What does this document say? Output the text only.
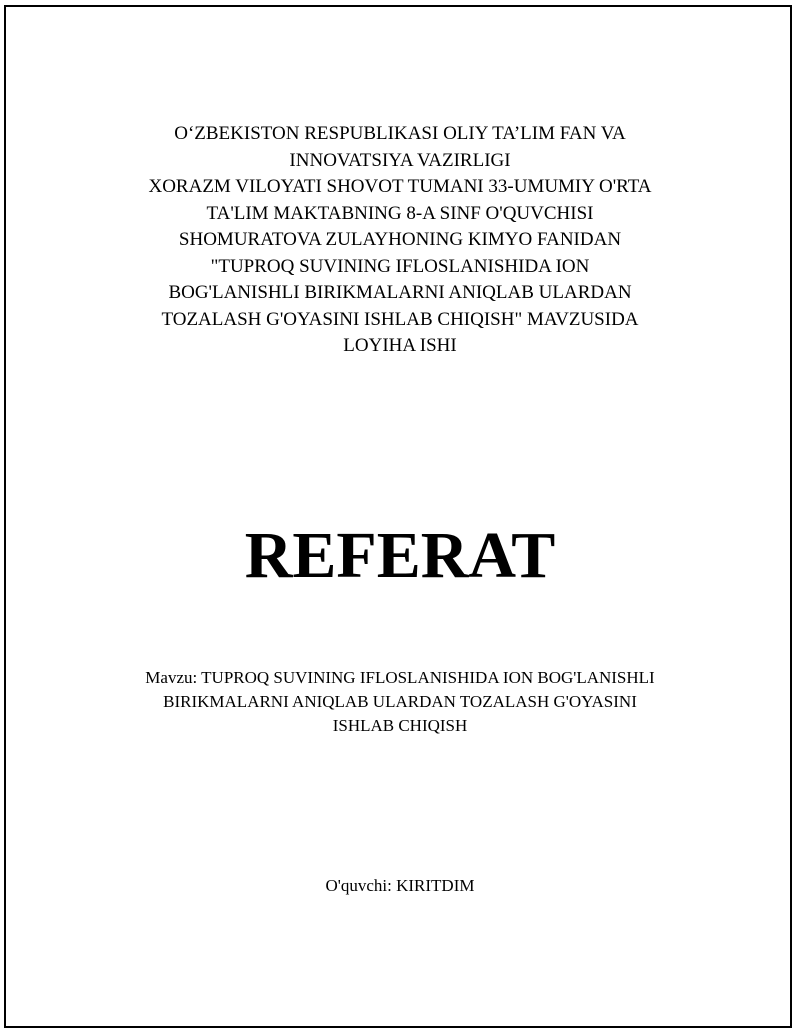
O‘ZBEKISTON RESPUBLIKASI OLIY TA’LIM FAN VA
INNOVATSIYA VAZIRLIGI
XORAZM VILOYATI SHOVOT TUMANI 33-UMUMIY O'RTA
TA'LIM MAKTABNING 8-A SINF O'QUVCHISI
SHOMURATOVA ZULAYHONING KIMYO FANIDAN
"TUPROQ SUVINING IFLOSLANISHIDA ION
BOG'LANISHLI BIRIKMALARNI ANIQLAB ULARDAN
TOZALASH G'OYASINI ISHLAB CHIQISH" MAVZUSIDA
LOYIHA ISHI
REFERAT
Mavzu: TUPROQ SUVINING IFLOSLANISHIDA ION BOG'LANISHLI
BIRIKMALARNI ANIQLAB ULARDAN TOZALASH G'OYASINI
ISHLAB CHIQISH
O'quvchi: KIRITDIM
